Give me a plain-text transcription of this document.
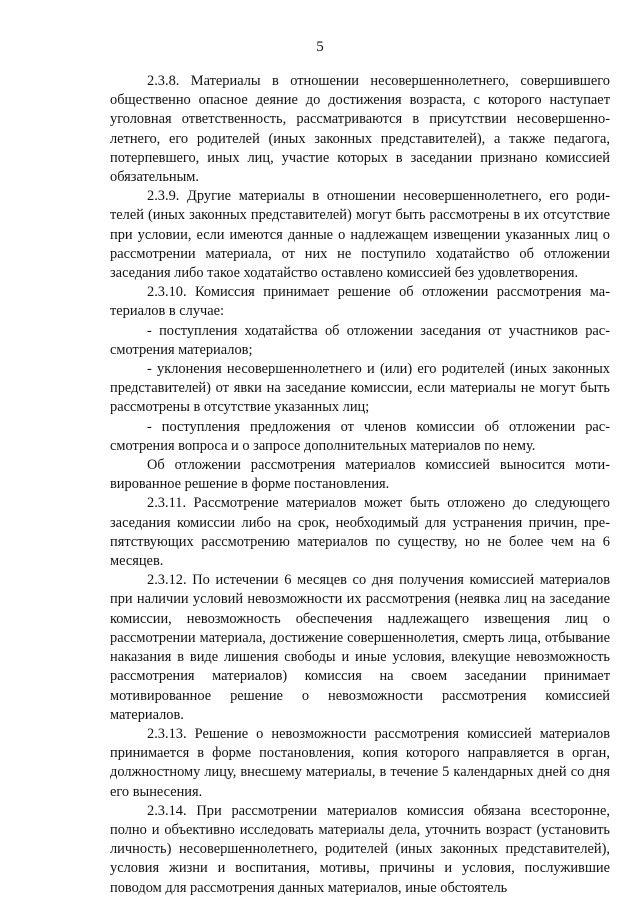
5

2.3.8. Материалы в отношении несовершеннолетнего, совершившего общественно опасное деяние до достижения возраста, с которого наступает уголовная ответственность, рассматриваются в присутствии несовершеннолетнего, его родителей (иных законных представителей), а также педагога, потерпевшего, иных лиц, участие которых в заседании признано комиссией обязательным.

2.3.9. Другие материалы в отношении несовершеннолетнего, его родителей (иных законных представителей) могут быть рассмотрены в их отсутствие при условии, если имеются данные о надлежащем извещении указанных лиц о рассмотрении материала, от них не поступило ходатайство об отложении заседания либо такое ходатайство оставлено комиссией без удовлетворения.

2.3.10. Комиссия принимает решение об отложении рассмотрения материалов в случае:

- поступления ходатайства об отложении заседания от участников рассмотрения материалов;

- уклонения несовершеннолетнего и (или) его родителей (иных законных представителей) от явки на заседание комиссии, если материалы не могут быть рассмотрены в отсутствие указанных лиц;

- поступления предложения от членов комиссии об отложении рассмотрения вопроса и о запросе дополнительных материалов по нему.

Об отложении рассмотрения материалов комиссией выносится мотивированное решение в форме постановления.

2.3.11. Рассмотрение материалов может быть отложено до следующего заседания комиссии либо на срок, необходимый для устранения причин, препятствующих рассмотрению материалов по существу, но не более чем на 6 месяцев.

2.3.12. По истечении 6 месяцев со дня получения комиссией материалов при наличии условий невозможности их рассмотрения (неявка лиц на заседание комиссии, невозможность обеспечения надлежащего извещения лиц о рассмотрении материала, достижение совершеннолетия, смерть лица, отбывание наказания в виде лишения свободы и иные условия, влекущие невозможность рассмотрения материалов) комиссия на своем заседании принимает мотивированное решение о невозможности рассмотрения комиссией материалов.

2.3.13. Решение о невозможности рассмотрения комиссией материалов принимается в форме постановления, копия которого направляется в орган, должностному лицу, внесшему материалы, в течение 5 календарных дней со дня его вынесения.

2.3.14. При рассмотрении материалов комиссия обязана всесторонне, полно и объективно исследовать материалы дела, уточнить возраст (установить личность) несовершеннолетнего, родителей (иных законных представителей), условия жизни и воспитания, мотивы, причины и условия, послужившие поводом для рассмотрения данных материалов, иные обстоятель
